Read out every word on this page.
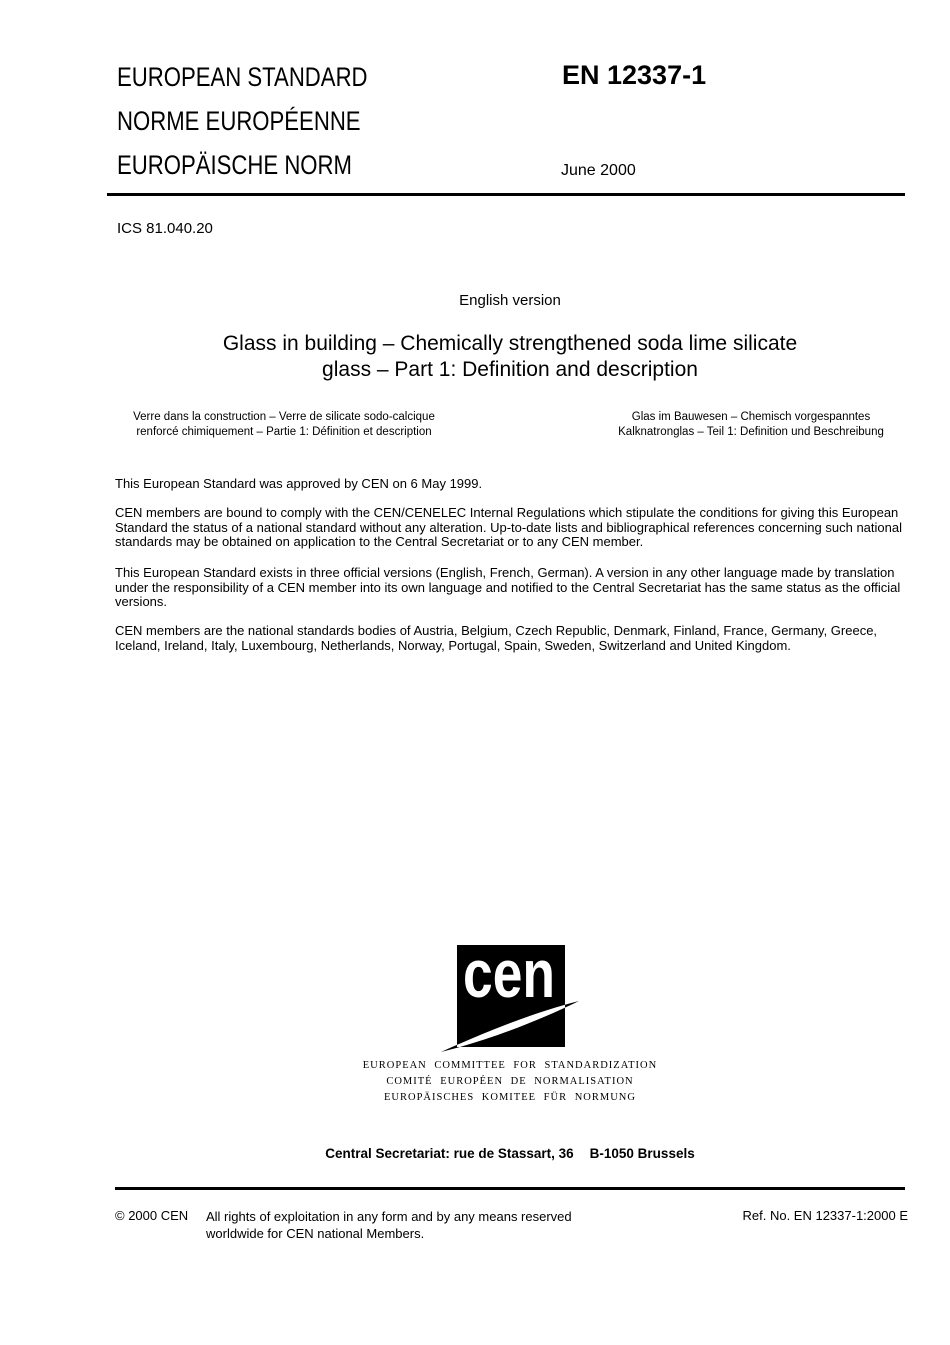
EUROPEAN STANDARD
NORME EUROPÉENNE
EUROPÄISCHE NORM
EN 12337-1
June 2000
ICS 81.040.20
English version
Glass in building – Chemically strengthened soda lime silicate
glass – Part 1: Definition and description
Verre dans la construction – Verre de silicate sodo-calcique
renforcé chimiquement – Partie 1: Définition et description
Glas im Bauwesen – Chemisch vorgespanntes
Kalknatronglas – Teil 1: Definition und Beschreibung
This European Standard was approved by CEN on 6 May 1999.
CEN members are bound to comply with the CEN/CENELEC Internal Regulations which stipulate the conditions for giving this European Standard the status of a national standard without any alteration. Up-to-date lists and bibliographical references concerning such national standards may be obtained on application to the Central Secretariat or to any CEN member.
This European Standard exists in three official versions (English, French, German). A version in any other language made by translation under the responsibility of a CEN member into its own language and notified to the Central Secretariat has the same status as the official versions.
CEN members are the national standards bodies of Austria, Belgium, Czech Republic, Denmark, Finland, France, Germany, Greece, Iceland, Ireland, Italy, Luxembourg, Netherlands, Norway, Portugal, Spain, Sweden, Switzerland and United Kingdom.
cen
EUROPEAN COMMITTEE FOR STANDARDIZATION
COMITÉ EUROPÉEN DE NORMALISATION
EUROPÄISCHES KOMITEE FÜR NORMUNG
Central Secretariat: rue de Stassart, 36 B-1050 Brussels
© 2000 CEN All rights of exploitation in any form and by any means reserved
worldwide for CEN national Members.
Ref. No. EN 12337-1:2000 E
